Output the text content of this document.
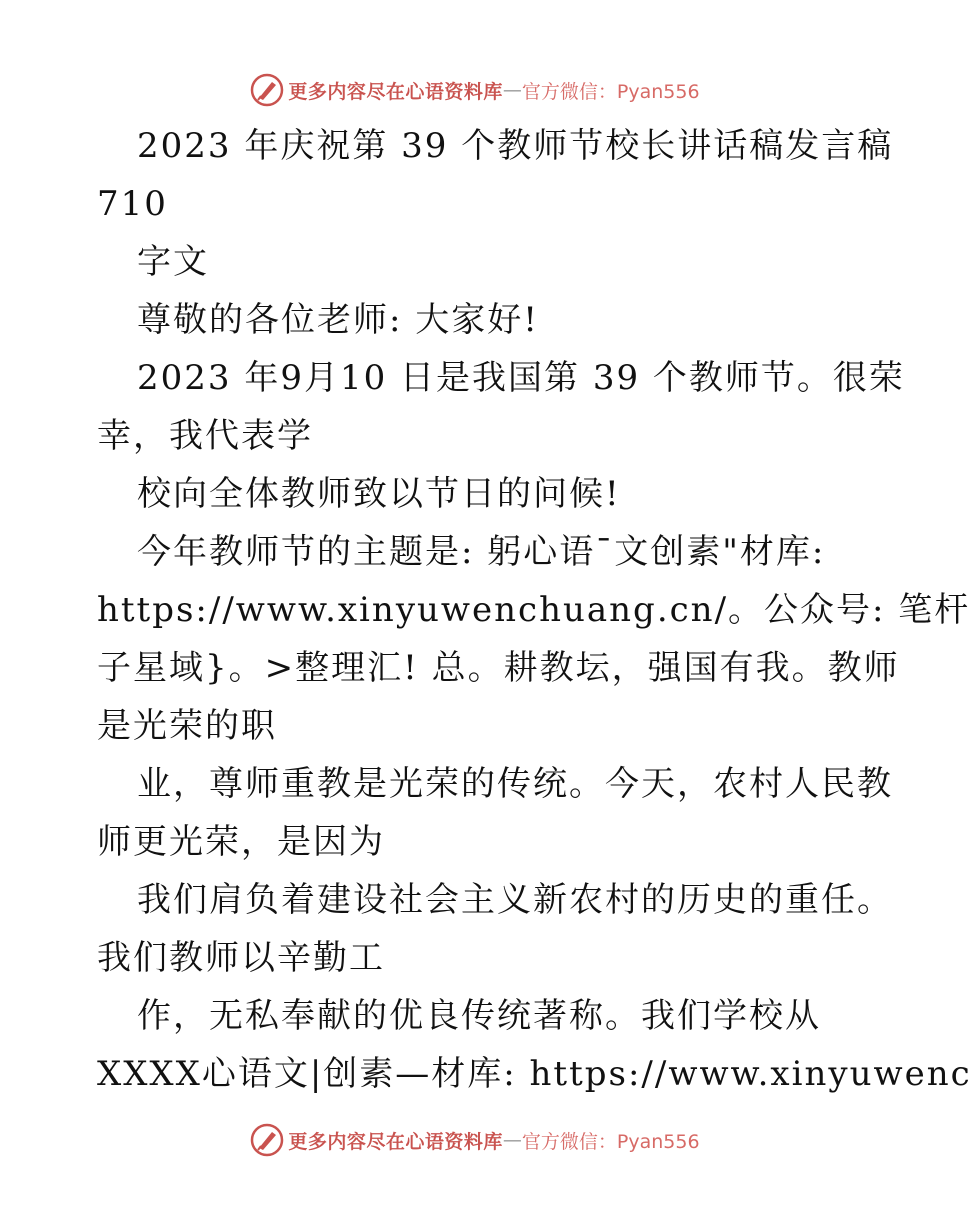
更多内容尽在心语资料库 — 官方微信：Pyan556
2023 年庆祝第 39 个教师节校长讲话稿发言稿
710
字文
尊敬的各位老师: 大家好!
2023 年9月10 日是我国第 39 个教师节。很荣
幸，我代表学
校向全体教师致以节日的问候!
今年教师节的主题是: 躬心语¯文创素"材库:
https://www.xinyuwenchuang.cn/。公众号: 笔杆
子星域}。>整理汇! 总。耕教坛，强国有我。教师
是光荣的职
业，尊师重教是光荣的传统。今天，农村人民教
师更光荣，是因为
我们肩负着建设社会主义新农村的历史的重任。
我们教师以辛勤工
作，无私奉献的优良传统著称。我们学校从
XXXX心语文|创素—材库: https://www.xinyuwenc
更多内容尽在心语资料库 — 官方微信：Pyan556
